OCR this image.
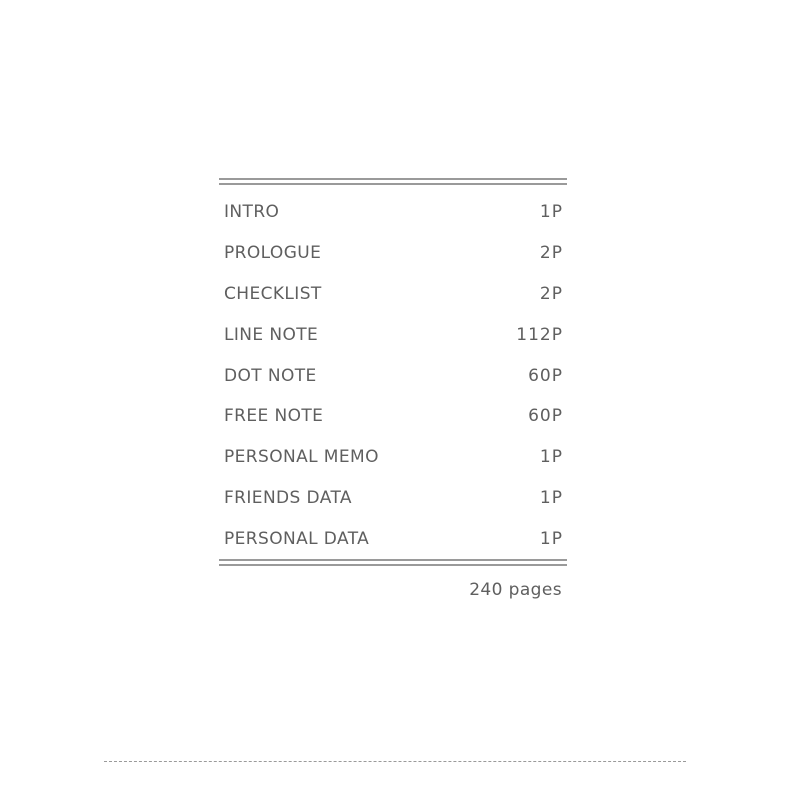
INTRO	1P
PROLOGUE	2P
CHECKLIST	2P
LINE NOTE	112P
DOT NOTE	60P
FREE NOTE	60P
PERSONAL MEMO	1P
FRIENDS DATA	1P
PERSONAL DATA	1P
240 pages
